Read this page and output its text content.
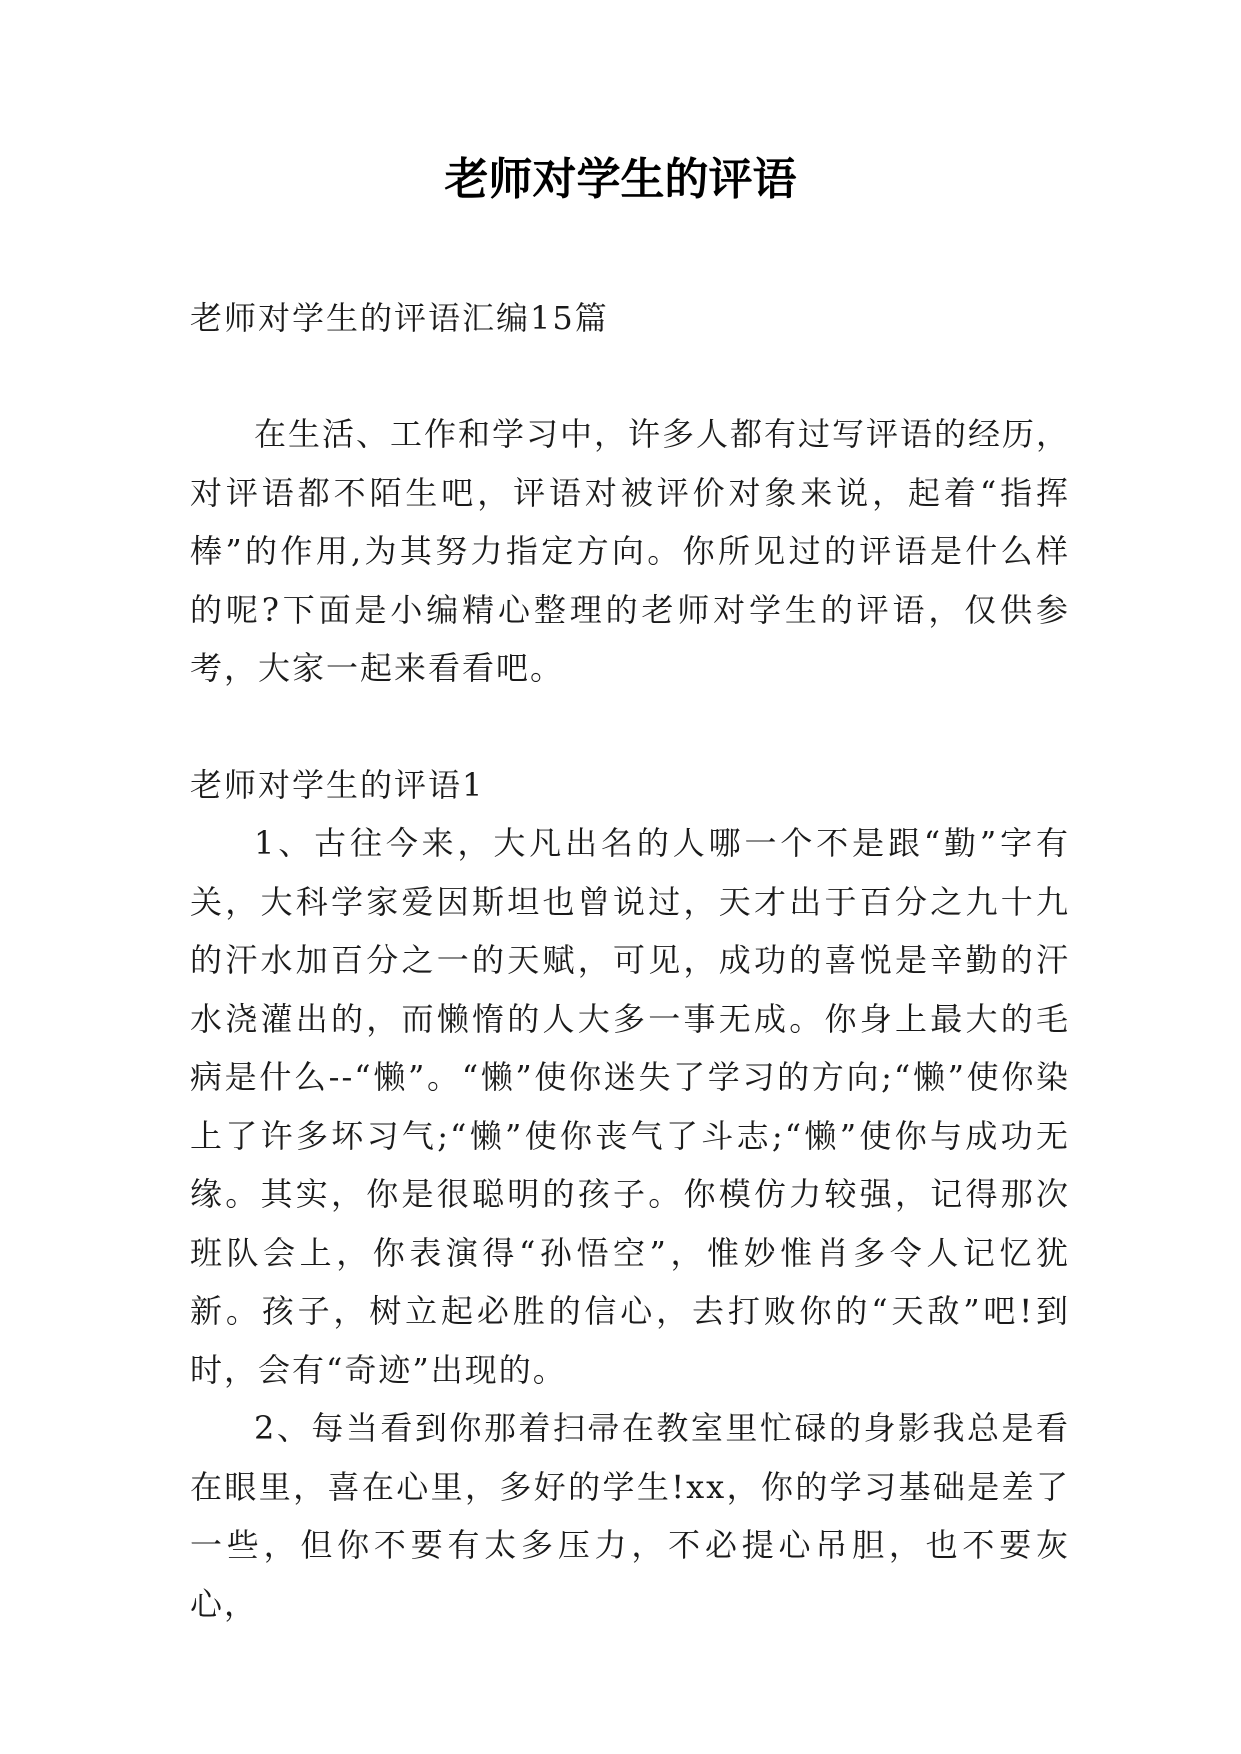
老师对学生的评语

老师对学生的评语汇编15篇

在生活、工作和学习中，许多人都有过写评语的经历，对评语都不陌生吧，评语对被评价对象来说，起着“指挥棒”的作用,为其努力指定方向。你所见过的评语是什么样的呢?下面是小编精心整理的老师对学生的评语，仅供参考，大家一起来看看吧。

老师对学生的评语1

1、古往今来，大凡出名的人哪一个不是跟“勤”字有关，大科学家爱因斯坦也曾说过，天才出于百分之九十九的汗水加百分之一的天赋，可见，成功的喜悦是辛勤的汗水浇灌出的，而懒惰的人大多一事无成。你身上最大的毛病是什么--“懒”。“懒”使你迷失了学习的方向;“懒”使你染上了许多坏习气;“懒”使你丧气了斗志;“懒”使你与成功无缘。其实，你是很聪明的孩子。你模仿力较强，记得那次班队会上，你表演得“孙悟空”，惟妙惟肖多令人记忆犹新。孩子，树立起必胜的信心，去打败你的“天敌”吧!到时，会有“奇迹”出现的。

2、每当看到你那着扫帚在教室里忙碌的身影我总是看在眼里，喜在心里，多好的学生!xx，你的学习基础是差了一些，但你不要有太多压力，不必提心吊胆，也不要灰心，
